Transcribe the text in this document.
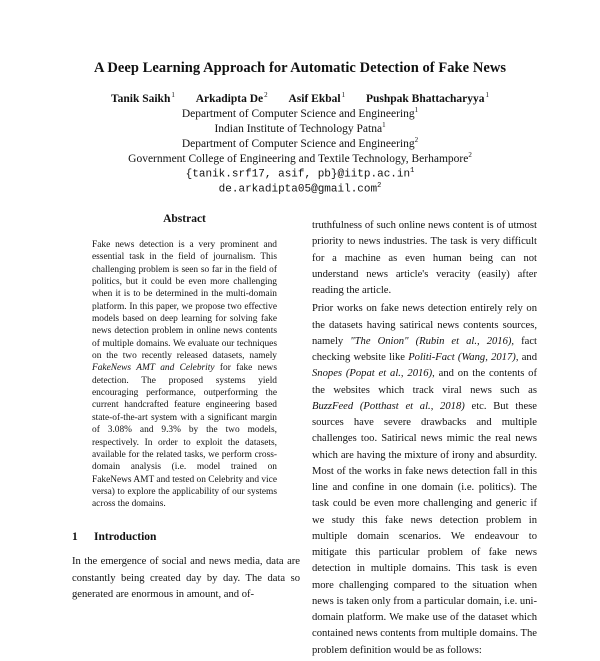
A Deep Learning Approach for Automatic Detection of Fake News
Tanik Saikh$^1$ Arkadipta De$^2$ Asif Ekbal$^1$ Pushpak Bhattacharyya$^1$
Department of Computer Science and Engineering$^1$
Indian Institute of Technology Patna$^1$
Department of Computer Science and Engineering$^2$
Government College of Engineering and Textile Technology, Berhampore$^2$
{tanik.srf17, asif, $pb\}@iitp.ac.in^1$
de.arkadipta05@gmail.com$^2$
Abstract

Fake news detection is a very prominent and essential task in the field of journalism. This challenging problem is seen so far in the field of politics, but it could be even more challenging when it is to be determined in the multi-domain platform. In this paper, we propose two effective models based on deep learning for solving fake news detection problem in online news contents of multiple domains. We evaluate our techniques on the two recently released datasets, namely FakeNews AMT and Celebrity for fake news detection. The proposed systems yield encouraging performance, outperforming the current handcrafted feature engineering based state-of-the-art system with a significant margin of 3.08% and 9.3% by the two models, respectively. In order to exploit the datasets, available for the related tasks, we perform cross-domain analysis (i.e. model trained on FakeNews AMT and tested on Celebrity and vice versa) to explore the applicability of our systems across the domains.

1 Introduction

In the emergence of social and news media, data are constantly being created day by day. The data so generated are enormous in amount, and of-

truthfulness of such online news content is of utmost priority to news industries. The task is very difficult for a machine as even human being can not understand news article's veracity (easily) after reading the article.

Prior works on fake news detection entirely rely on the datasets having satirical news contents sources, namely "The Onion" (Rubin et al., 2016), fact checking website like Politi-Fact (Wang, 2017), and Snopes (Popat et al., 2016), and on the contents of the websites which track viral news such as BuzzFeed (Potthast et al., 2018) etc. But these sources have severe drawbacks and multiple challenges too. Satirical news mimic the real news which are having the mixture of irony and absurdity. Most of the works in fake news detection fall in this line and confine in one domain (i.e. politics). The task could be even more challenging and generic if we study this fake news detection problem in multiple domain scenarios. We endeavour to mitigate this particular problem of fake news detection in multiple domains. This task is even more challenging compared to the situation when news is taken only from a particular domain, i.e. uni-domain platform. We make use of the dataset which contained news contents from multiple domains. The problem definition would be as follows:
